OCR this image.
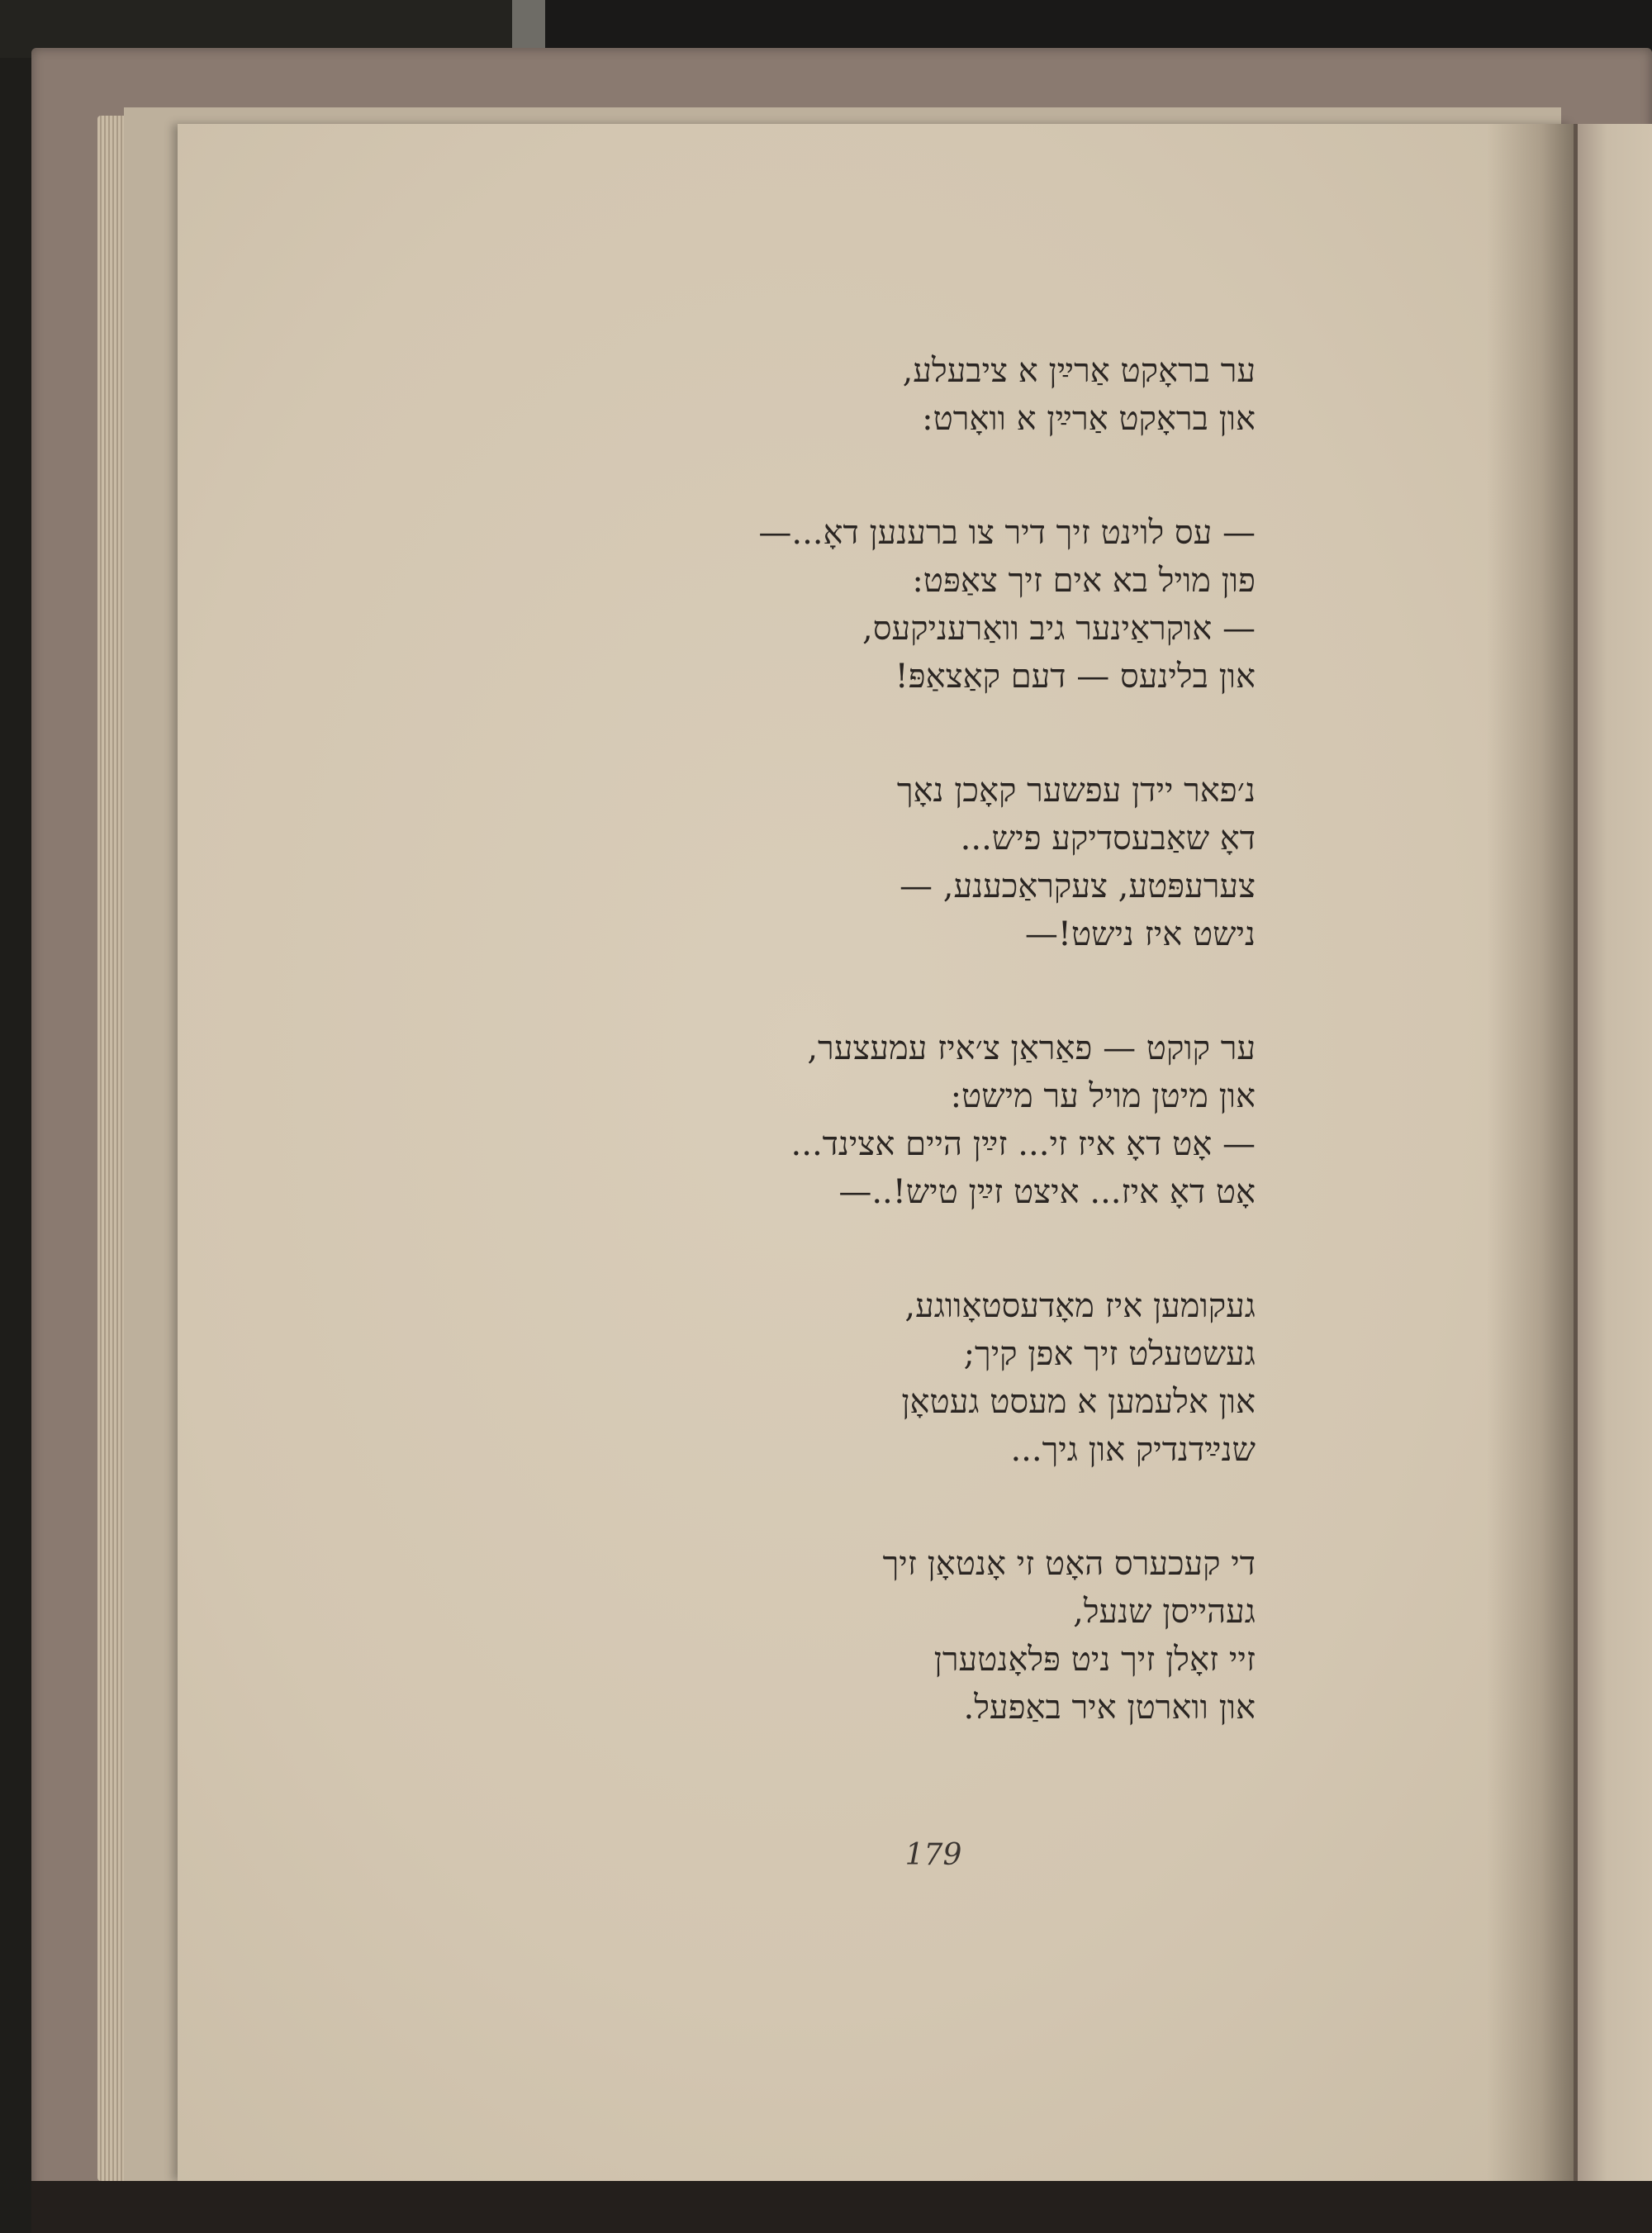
ער בראָקט אַרײַן א ציבעלע,
און בראָקט אַרײַן א וואָרט:
— עס לוינט זיך דיר צו ברענען דאָ...—
פון מויל בא אים זיך צאַפּט:
— אוקראַינער גיב וואַרעניקעס,
און בלינעס — דעם קאַצאַפּ!
נ׳פאר יידן עפשער קאָכן נאָך
דאָ שאַבעסדיקע פיש...
צערעפּטע, צעקראַכענע, —
נישט איז נישט!—
ער קוקט — פאַראַן צ׳איז עמעצער,
און מיטן מויל ער מישט:
— אָט דאָ איז זי... זײַן היים אצינד...
אָט דאָ איז... איצט זײַן טיש!..—
געקומען איז מאָדעסטאָווגע,
געשטעלט זיך אפן קיך;
און אלעמען א מעסט געטאָן
שנײַדנדיק און גיך...
די קעכערס האָט זי אָנטאָן זיך
געהייסן שנעל,
זיי זאָלן זיך ניט פּלאָנטערן
און ווארטן איר באַפעל.
179
